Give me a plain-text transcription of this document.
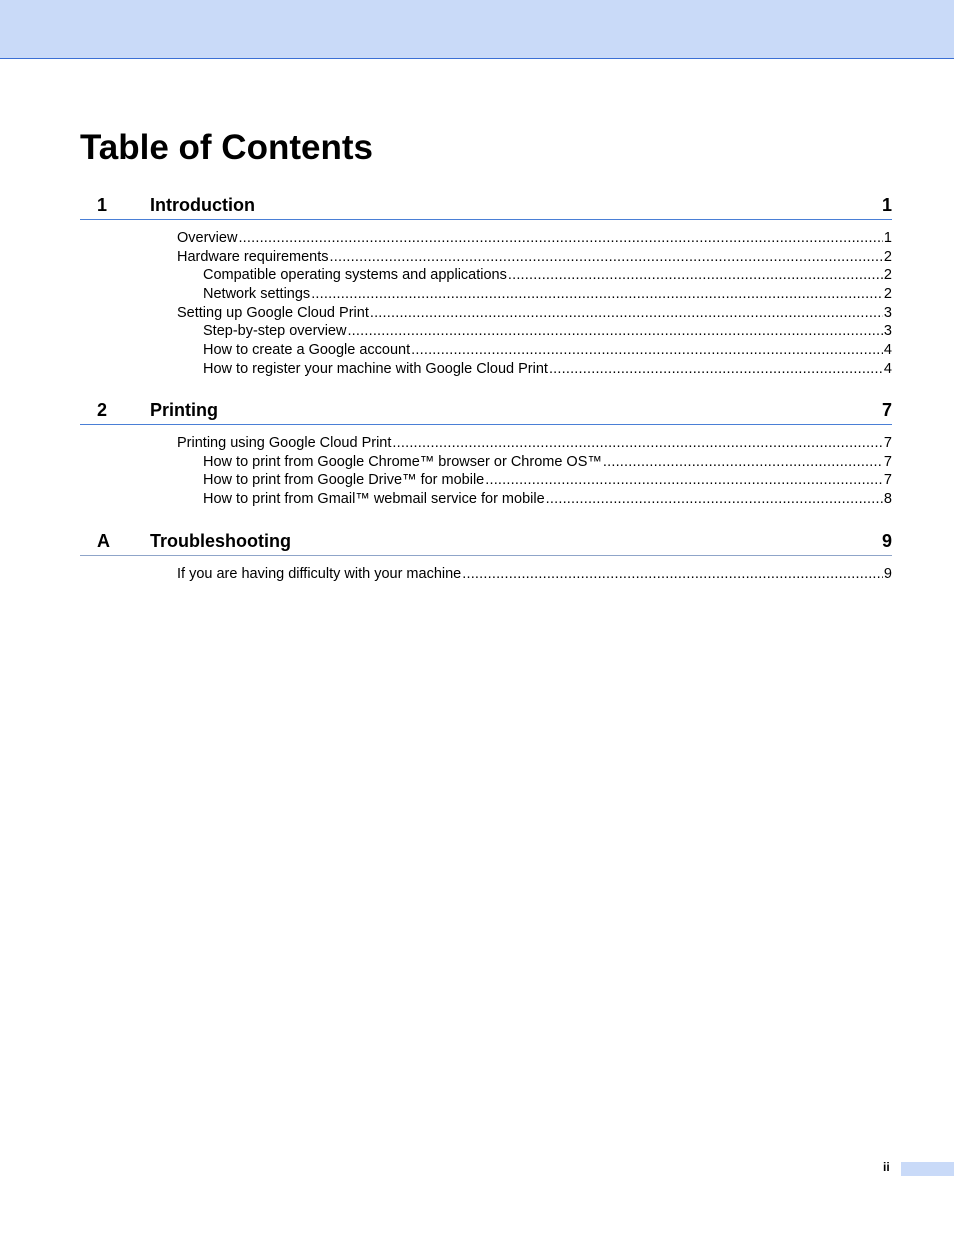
Table of Contents
1 Introduction	1
Overview .....	1
Hardware requirements .....	2
Compatible operating systems and applications .....	2
Network settings .....	2
Setting up Google Cloud Print .....	3
Step-by-step overview .....	3
How to create a Google account .....	4
How to register your machine with Google Cloud Print .....	4
2 Printing	7
Printing using Google Cloud Print .....	7
How to print from Google Chrome™ browser or Chrome OS™ .....	7
How to print from Google Drive™ for mobile .....	7
How to print from Gmail™ webmail service for mobile .....	8
A Troubleshooting	9
If you are having difficulty with your machine .....	9
ii
